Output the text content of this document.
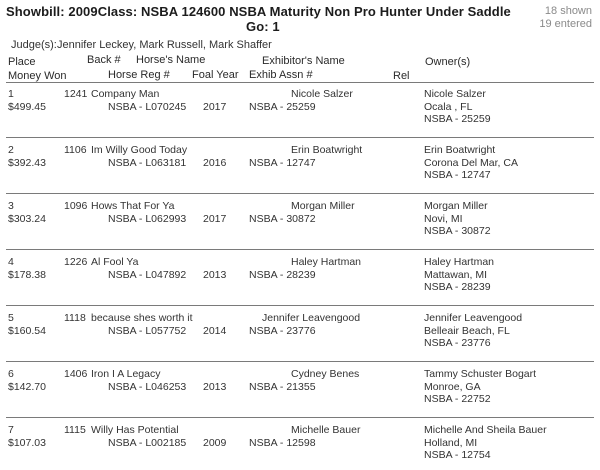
Showbill: 2009Class: NSBA 124600 NSBA Maturity Non Pro Hunter Under Saddle
Go: 1
18 shown
19 entered
Judge(s): Jennifer Leckey, Mark Russell, Mark Shaffer
Place	Back # Horse's Name	Exhibitor's Name	Owner(s)
Money Won	Horse Reg # Foal Year Exhib Assn #	Rel
1	1241 Company Man	Nicole Salzer	Nicole Salzer
$499.45	NSBA - L070245 2017 NSBA - 25259	Ocala , FL
NSBA - 25259
2	1106 Im Willy Good Today	Erin Boatwright	Erin Boatwright
$392.43	NSBA - L063181 2016 NSBA - 12747	Corona Del Mar, CA
NSBA - 12747
3	1096 Hows That For Ya	Morgan Miller	Morgan Miller
$303.24	NSBA - L062993 2017 NSBA - 30872	Novi, MI
NSBA - 30872
4	1226 Al Fool Ya	Haley Hartman	Haley Hartman
$178.38	NSBA - L047892 2013 NSBA - 28239	Mattawan, MI
NSBA - 28239
5	1118 because shes worth it	Jennifer Leavengood	Jennifer Leavengood
$160.54	NSBA - L057752 2014 NSBA - 23776	Belleair Beach, FL
NSBA - 23776
6	1406 Iron I A Legacy	Cydney Benes	Tammy Schuster Bogart
$142.70	NSBA - L046253 2013 NSBA - 21355	Monroe, GA
NSBA - 22752
7	1115 Willy Has Potential	Michelle Bauer	Michelle And Sheila Bauer
$107.03	NSBA - L002185 2009 NSBA - 12598	Holland, MI
NSBA - 12754
